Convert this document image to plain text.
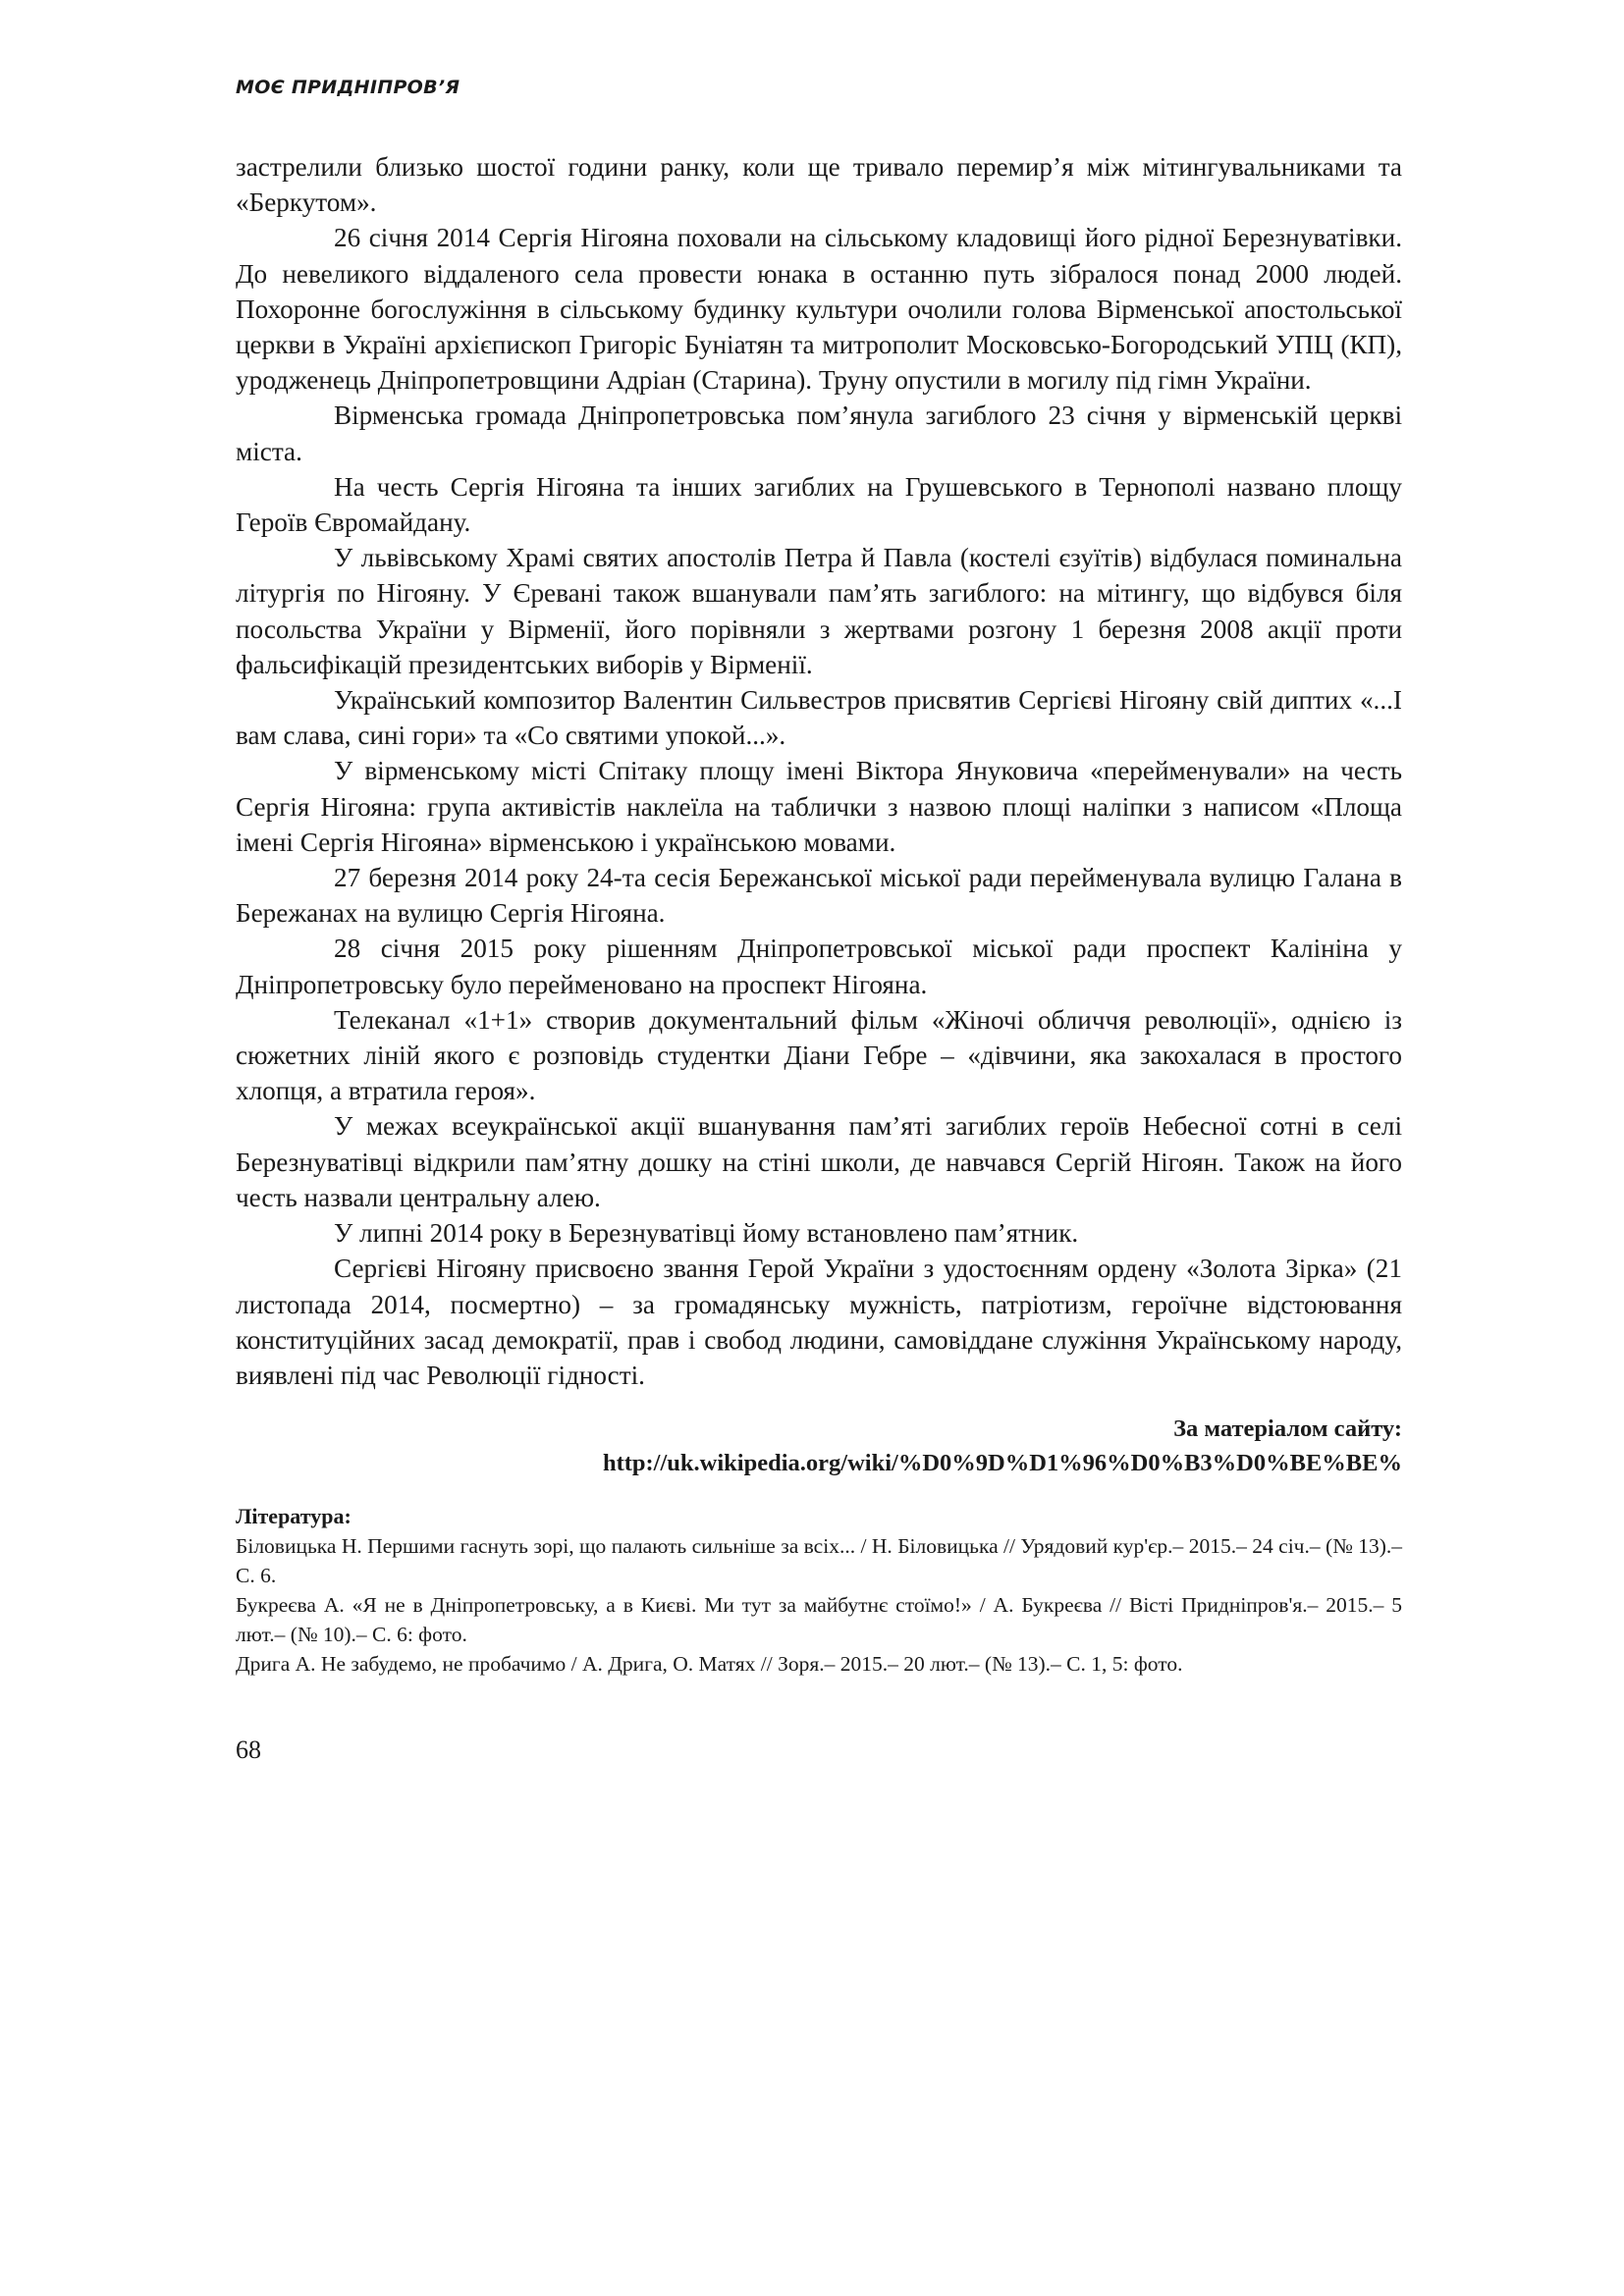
МОЄ ПРИДНІПРОВ’Я

застрелили близько шостої години ранку, коли ще тривало перемир’я між мітингувальниками та «Беркутом».

26 січня 2014 Сергія Нігояна поховали на сільському кладовищі його рідної Березнуватівки. До невеликого віддаленого села провести юнака в останню путь зібралося понад 2000 людей. Похоронне богослужіння в сільському будинку культури очолили голова Вірменської апостольської церкви в Україні архієпископ Григоріс Буніатян та митрополит Московсько-Богородський УПЦ (КП), уродженець Дніпропетровщини Адріан (Старина). Труну опустили в могилу під гімн України.

Вірменська громада Дніпропетровська пом’янула загиблого 23 січня у вірменській церкві міста.

На честь Сергія Нігояна та інших загиблих на Грушевського в Тернополі названо площу Героїв Євромайдану.

У львівському Храмі святих апостолів Петра й Павла (костелі єзуїтів) відбулася поминальна літургія по Нігояну. У Єревані також вшанували пам’ять загиблого: на мітингу, що відбувся біля посольства України у Вірменії, його порівняли з жертвами розгону 1 березня 2008 акції проти фальсифікацій президентських виборів у Вірменії.

Український композитор Валентин Сильвестров присвятив Сергієві Нігояну свій диптих «...І вам слава, сині гори» та «Со святими упокой...».

У вірменському місті Спітаку площу імені Віктора Януковича «перейменували» на честь Сергія Нігояна: група активістів наклеїла на таблички з назвою площі наліпки з написом «Площа імені Сергія Нігояна» вірменською і українською мовами.

27 березня 2014 року 24-та сесія Бережанської міської ради перейменувала вулицю Галана в Бережанах на вулицю Сергія Нігояна.

28 січня 2015 року рішенням Дніпропетровської міської ради проспект Калініна у Дніпропетровську було перейменовано на проспект Нігояна.

Телеканал «1+1» створив документальний фільм «Жіночі обличчя революції», однією із сюжетних ліній якого є розповідь студентки Діани Гебре – «дівчини, яка закохалася в простого хлопця, а втратила героя».

У межах всеукраїнської акції вшанування пам’яті загиблих героїв Небесної сотні в селі Березнуватівці відкрили пам’ятну дошку на стіні школи, де навчався Сергій Нігоян. Також на його честь назвали центральну алею.

У липні 2014 року в Березнуватівці йому встановлено пам’ятник.

Сергієві Нігояну присвоєно звання Герой України з удостоєнням ордену «Золота Зірка» (21 листопада 2014, посмертно) – за громадянську мужність, патріотизм, героїчне відстоювання конституційних засад демократії, прав і свобод людини, самовіддане служіння Українському народу, виявлені під час Революції гідності.

За матеріалом сайту:
http://uk.wikipedia.org/wiki/%D0%9D%D1%96%D0%B3%D0%BE%BE%

Література:

Біловицька Н. Першими гаснуть зорі, що палають сильніше за всіх... / Н. Біловицька // Урядовий кур'єр.– 2015.– 24 січ.– (№ 13).– С. 6.

Букреєва А. «Я не в Дніпропетровську, а в Києві. Ми тут за майбутнє стоїмо!» / А. Букреєва // Вісті Придніпров'я.– 2015.– 5 лют.– (№ 10).– С. 6: фото.

Дрига А. Не забудемо, не пробачимо / А. Дрига, О. Матях // Зоря.– 2015.– 20 лют.– (№ 13).– С. 1, 5: фото.

68
